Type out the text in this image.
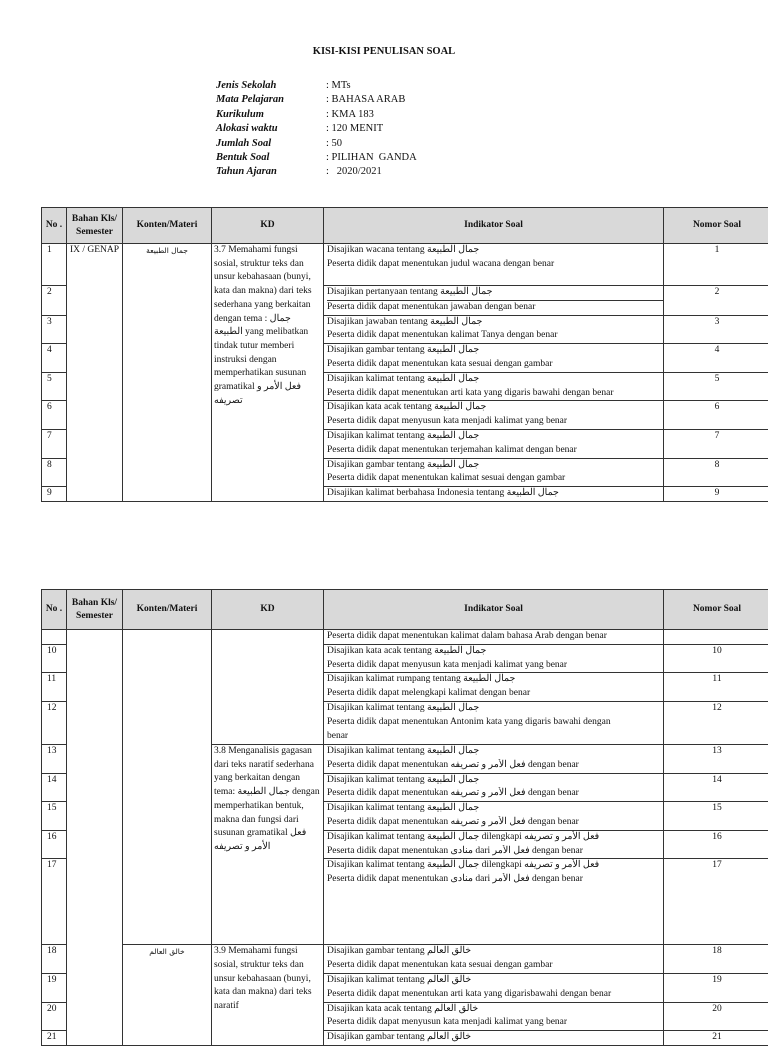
KISI-KISI PENULISAN SOAL
Jenis Sekolah	: MTs
Mata Pelajaran	: BAHASA ARAB
Kurikulum	: KMA 183
Alokasi waktu	: 120 MENIT
Jumlah Soal	: 50
Bentuk Soal	: PILIHAN  GANDA
Tahun Ajaran	:   2020/2021
No .	Bahan Kls/ Semester	Konten/Materi	KD	Indikator Soal	Nomor Soal
1	IX / GENAP	جمال الطبيعة	3.7 Memahami fungsi sosial, struktur teks dan unsur kebahasaan (bunyi, kata dan makna) dari teks sederhana yang berkaitan dengan tema : جمال الطبيعة yang melibatkan tindak tutur memberi instruksi dengan memperhatikan susunan gramatikal فعل الأمر و تصريفه	Disajikan wacana tentang جمال الطبيعة
Peserta didik dapat menentukan judul wacana dengan benar	1
2				Disajikan pertanyaan tentang جمال الطبيعة
Peserta didik dapat menentukan jawaban dengan benar	2
3				Disajikan jawaban tentang جمال الطبيعة
Peserta didik dapat menentukan kalimat Tanya dengan benar	3
4				Disajikan gambar tentang جمال الطبيعة
Peserta didik dapat menentukan kata sesuai dengan gambar	4
5				Disajikan kalimat tentang جمال الطبيعة
Peserta didik dapat menentukan arti kata yang digaris bawahi dengan benar	5
6				Disajikan kata acak tentang جمال الطبيعة
Peserta didik dapat menyusun kata menjadi kalimat yang benar	6
7				Disajikan kalimat tentang جمال الطبيعة
Peserta didik dapat menentukan terjemahan kalimat dengan benar	7
8				Disajikan gambar tentang جمال الطبيعة
Peserta didik dapat menentukan kalimat sesuai dengan gambar	8
9				Disajikan kalimat berbahasa Indonesia tentang جمال الطبيعة	9
No .	Bahan Kls/ Semester	Konten/Materi	KD	Indikator Soal	Nomor Soal

				Peserta didik dapat menentukan kalimat dalam bahasa Arab dengan benar	

10				Disajikan kata acak tentang جمال الطبيعة
Peserta didik dapat menyusun kata menjadi kalimat yang benar	10
11				Disajikan kalimat rumpang tentang جمال الطبيعة
Peserta didik dapat melengkapi kalimat dengan benar	11
12				Disajikan kalimat tentang جمال الطبيعة
Peserta didik dapat menentukan Antonim kata yang digaris bawahi dengan
benar	12
13			3.8 Menganalisis gagasan dari teks naratif sederhana yang berkaitan dengan tema: جمال الطبيعة dengan memperhatikan bentuk, makna dan fungsi dari susunan gramatikal فعل الأمر و تصريفه	Disajikan kalimat tentang جمال الطبيعة
Peserta didik dapat menentukan فعل الأمر و تصريفه dengan benar	13
14				Disajikan kalimat tentang جمال الطبيعة
Peserta didik dapat menentukan فعل الأمر و تصريفه dengan benar	14
15				Disajikan kalimat tentang جمال الطبيعة
Peserta didik dapat menentukan فعل الأمر و تصريفه dengan benar	15
16				Disajikan kalimat tentang جمال الطبيعة dilengkapi فعل الأمر و تصريفه
Peserta didik dapat menentukan منادى dari فعل الأمر dengan benar	16
17				Disajikan kalimat tentang جمال الطبيعة dilengkapi فعل الأمر و تصريفه
Peserta didik dapat menentukan منادى dari فعل الأمر dengan benar	17
18		خالق العالم	3.9 Memahami fungsi sosial, struktur teks dan unsur kebahasaan (bunyi, kata dan makna) dari teks naratif	Disajikan gambar tentang خالق العالم
Peserta didik dapat menentukan kata sesuai dengan gambar	18
19				Disajikan kalimat tentang خالق العالم
Peserta didik dapat menentukan arti kata yang digarisbawahi dengan benar	19
20				Disajikan kata acak tentang خالق العالم
Peserta didik dapat menyusun kata menjadi kalimat yang benar	20
21				Disajikan gambar tentang خالق العالم	21
